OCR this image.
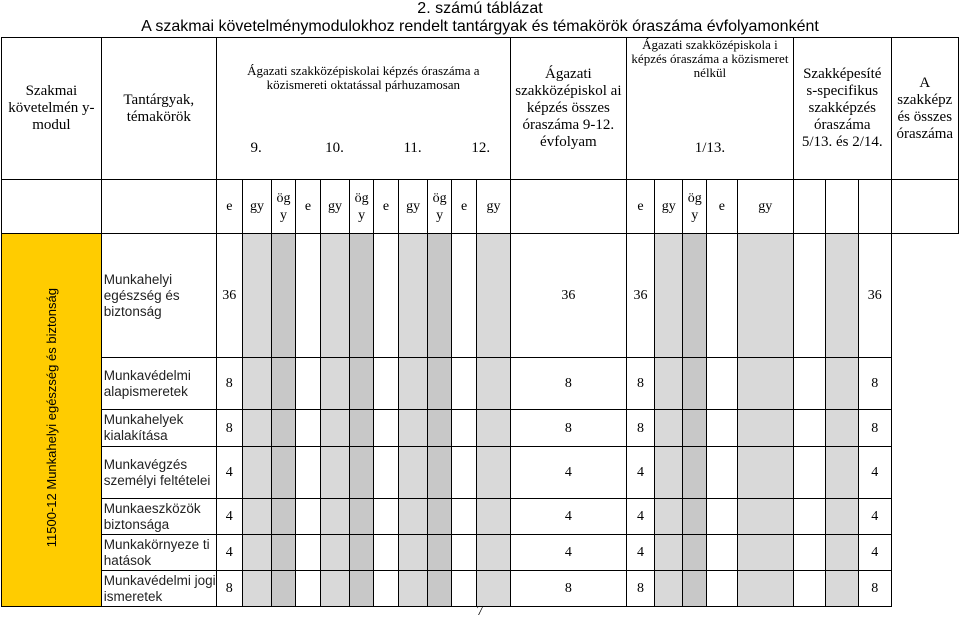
2. számú táblázat
A szakmai követelménymodulokhoz rendelt tantárgyak és témakörök óraszáma évfolyamonként
Szakmai követelmén y-modul	Tantárgyak, témakörök	Ágazati szakközépiskolai képzés óraszáma a közismereti oktatással párhuzamosan											Ágazati szakközépiskol ai képzés összes óraszáma 9-12. évfolyam	Ágazati szakközépiskola i képzés óraszáma a közismeret nélkül					Szakképesíté s-specifikus szakképzés óraszáma 5/13. és 2/14.			A szakképz és összes óraszáma
		9.			10.			11.			12.			1/13.								
		e	gy	ög y	e	gy	ög y	e	gy	ög y	e	gy		e	gy	ög y	e	gy				
11500-12 Munkahelyi egészség és biztonság	Munkahelyi egészség és biztonság	36											36	36							36	
	Munkavédelmi alapismeretek	8											8	8							8	
	Munkahelyek kialakítása	8											8	8							8	
	Munkavégzés személyi feltételei	4											4	4							4	
	Munkaeszközök biztonsága	4											4	4							4	
	Munkakörnyeze ti hatások	4											4	4							4	
	Munkavédelmi jogi ismeretek	8											8	8							8	
7
